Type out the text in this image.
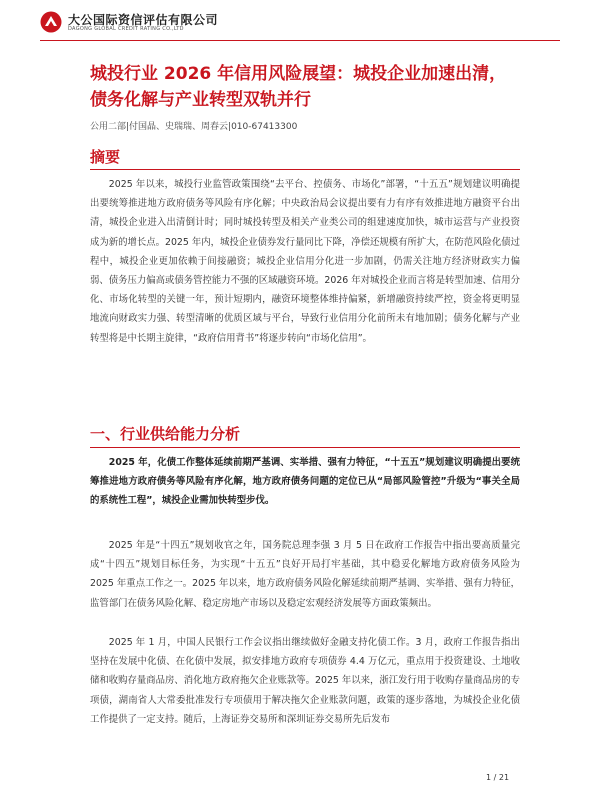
大公国际资信评估有限公司
DAGONG GLOBAL CREDIT RATING CO.,LTD
城投行业 2026 年信用风险展望：城投企业加速出清，债务化解与产业转型双轨并行
公用二部|付国晶、史瑞瑞、周春云|010-67413300
摘要

2025 年以来，城投行业监管政策围绕“去平台、控债务、市场化”部署，“十五五”规划建议明确提出要统筹推进地方政府债务等风险有序化解；中央政治局会议提出要有力有序有效推进地方融资平台出清，城投企业进入出清倒计时；同时城投转型及相关产业类公司的组建速度加快，城市运营与产业投资成为新的增长点。2025 年内，城投企业债券发行量同比下降，净偿还规模有所扩大，在防范风险化债过程中，城投企业更加依赖于间接融资；城投企业信用分化进一步加剧，仍需关注地方经济财政实力偏弱、债务压力偏高或债务管控能力不强的区域融资环境。2026 年对城投企业而言将是转型加速、信用分化、市场化转型的关键一年，预计短期内，融资环境整体维持偏紧，新增融资持续严控，资金将更明显地流向财政实力强、转型清晰的优质区域与平台，导致行业信用分化前所未有地加剧；债务化解与产业转型将是中长期主旋律，“政府信用背书”将逐步转向“市场化信用”。

一、行业供给能力分析

2025 年，化债工作整体延续前期严基调、实举措、强有力特征，“十五五”规划建议明确提出要统筹推进地方政府债务等风险有序化解，地方政府债务问题的定位已从“局部风险管控”升级为“事关全局的系统性工程”，城投企业需加快转型步伐。

2025 年是“十四五”规划收官之年，国务院总理李强 3 月 5 日在政府工作报告中指出要高质量完成“十四五”规划目标任务，为实现“十五五”良好开局打牢基础，其中稳妥化解地方政府债务风险为 2025 年重点工作之一。2025 年以来，地方政府债务风险化解延续前期严基调、实举措、强有力特征，监管部门在债务风险化解、稳定房地产市场以及稳定宏观经济发展等方面政策频出。

2025 年 1 月，中国人民银行工作会议指出继续做好金融支持化债工作。3 月，政府工作报告指出坚持在发展中化债、在化债中发展，拟安排地方政府专项债券 4.4 万亿元，重点用于投资建设、土地收储和收购存量商品房、消化地方政府拖欠企业账款等。2025 年以来，浙江发行用于收购存量商品房的专项债，湖南省人大常委批准发行专项债用于解决拖欠企业账款问题，政策的逐步落地，为城投企业化债工作提供了一定支持。随后，上海证券交易所和深圳证券交易所先后发布

1 / 21
